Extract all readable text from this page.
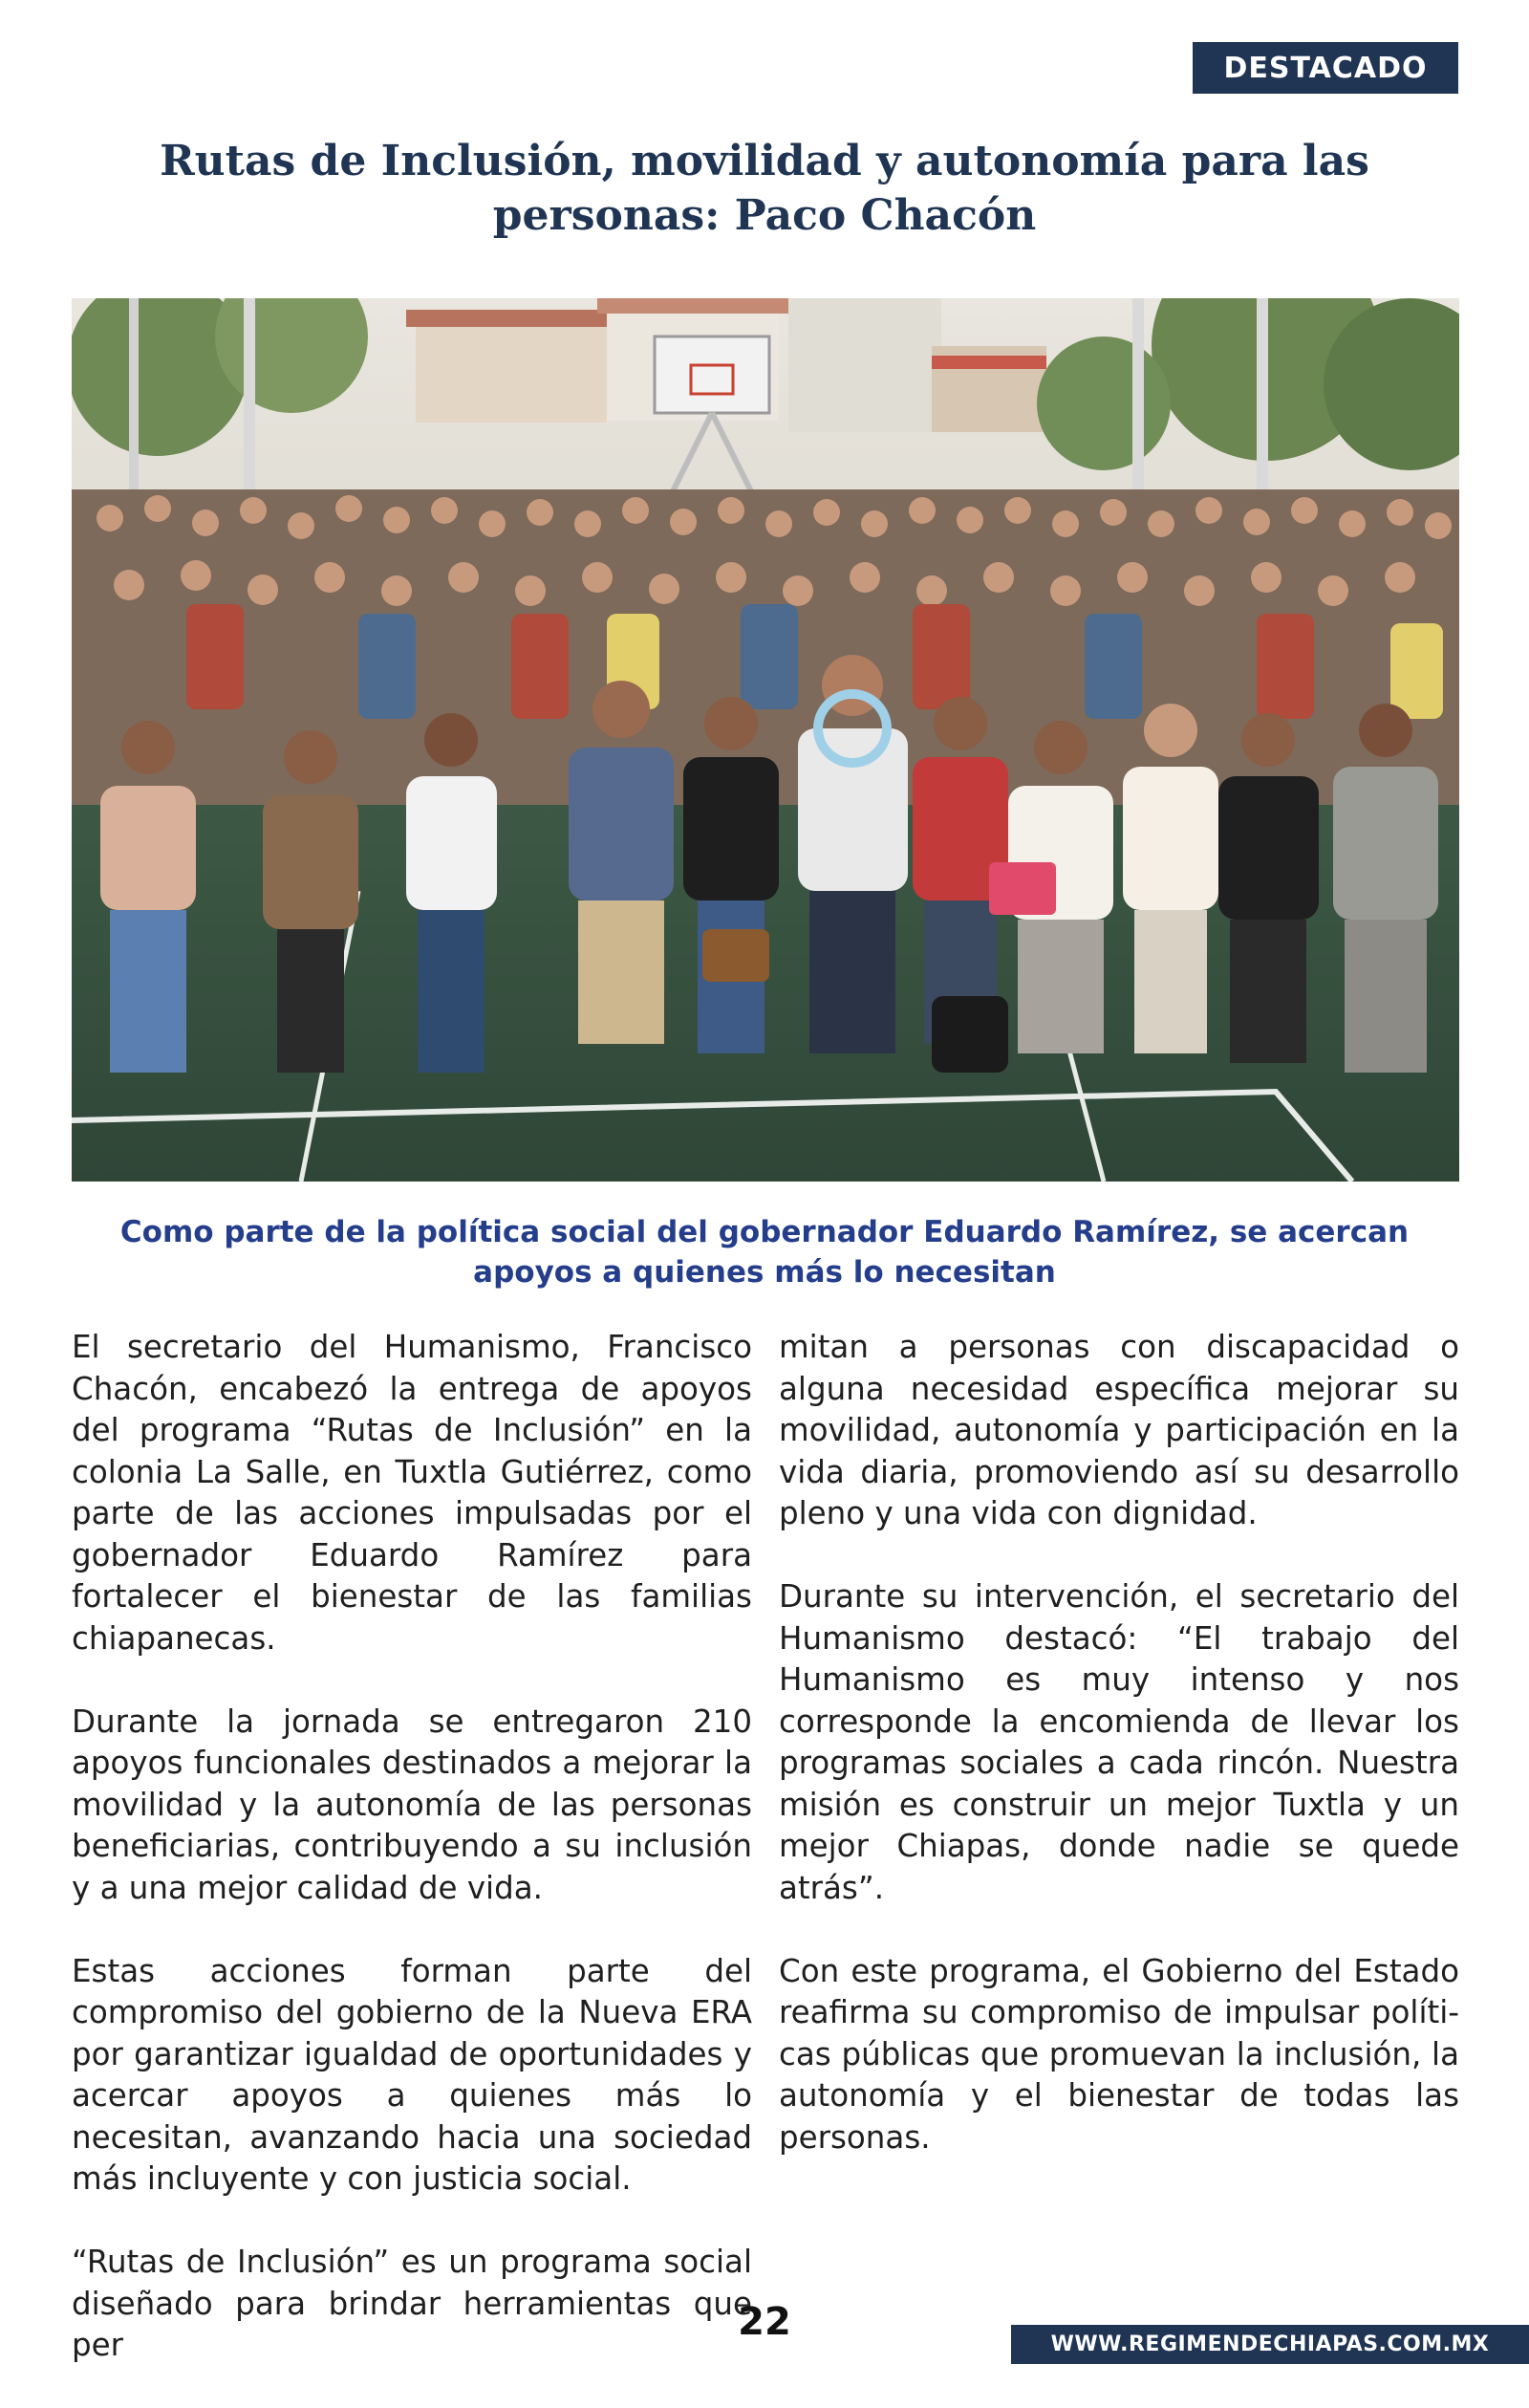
DESTACADO
Rutas de Inclusión, movilidad y autonomía para las personas: Paco Chacón

Como parte de la política social del gobernador Eduardo Ramírez, se acercan apoyos a quienes más lo necesitan

El secretario del Humanismo, Francisco Chacón, encabezó la entrega de apoyos del programa “Rutas de Inclusión” en la colonia La Salle, en Tuxtla Gutiérrez, como parte de las acciones impulsadas por el gobernador Eduardo Ramírez para fortalecer el bienestar de las familias chiapanecas.

Durante la jornada se entregaron 210 apoyos funcionales destinados a mejorar la movilidad y la autonomía de las personas beneficiarias, contribuyendo a su inclusión y a una mejor calidad de vida.

Estas acciones forman parte del compromiso del gobierno de la Nueva ERA por garantizar igualdad de oportunidades y acercar apoyos a quienes más lo necesitan, avanzando hacia una sociedad más incluyente y con justicia social.

“Rutas de Inclusión” es un programa social diseñado para brindar herramientas que per

mitan a personas con discapacidad o alguna necesidad específica mejorar su movilidad, autonomía y participación en la vida diaria, promoviendo así su desarrollo pleno y una vida con dignidad.

Durante su intervención, el secretario del Humanismo destacó: “El trabajo del Humanismo es muy intenso y nos corresponde la encomienda de llevar los programas sociales a cada rincón. Nuestra misión es construir un mejor Tuxtla y un mejor Chiapas, donde nadie se quede atrás”.

Con este programa, el Gobierno del Estado reafirma su compromiso de impulsar políticas públicas que promuevan la inclusión, la autonomía y el bienestar de todas las personas.

22
WWW.REGIMENDECHIAPAS.COM.MX
